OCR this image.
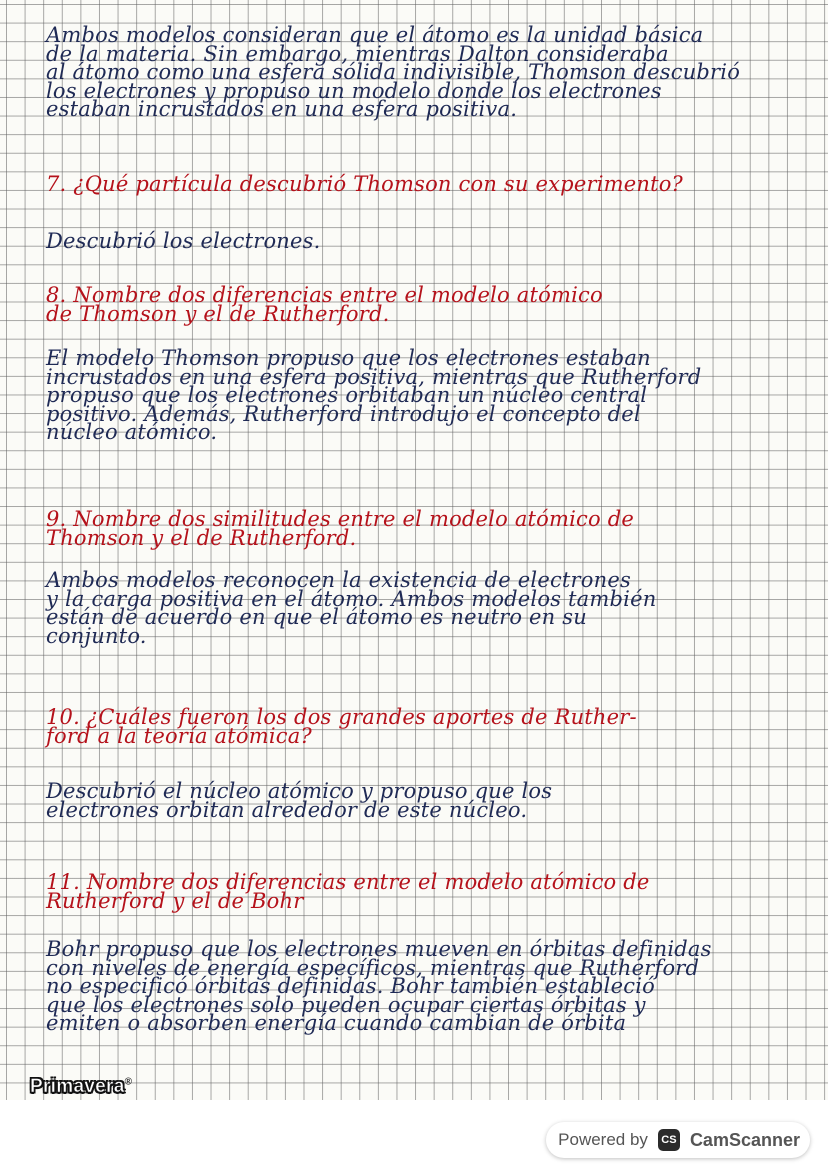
Ambos modelos consideran que el átomo es la unidad básica
de la materia. Sin embargo, mientras Dalton consideraba
al átomo como una esfera sólida indivisible, Thomson descubrió
los electrones y propuso un modelo donde los electrones
estaban incrustados en una esfera positiva.

7. ¿Qué partícula descubrió Thomson con su experimento?

Descubrió los electrones.

8. Nombre dos diferencias entre el modelo atómico
de Thomson y el de Rutherford.

El modelo Thomson propuso que los electrones estaban
incrustados en una esfera positiva, mientras que Rutherford
propuso que los electrones orbitaban un núcleo central
positivo. Además, Rutherford introdujo el concepto del
núcleo atómico.

9. Nombre dos similitudes entre el modelo atómico de
Thomson y el de Rutherford.

Ambos modelos reconocen la existencia de electrones
y la carga positiva en el átomo. Ambos modelos también
están de acuerdo en que el átomo es neutro en su
conjunto.

10. ¿Cuáles fueron los dos grandes aportes de Ruther-
ford a la teoría atómica?

Descubrió el núcleo atómico y propuso que los
electrones orbitan alrededor de este núcleo.

11. Nombre dos diferencias entre el modelo atómico de
Rutherford y el de Bohr

Bohr propuso que los electrones mueven en órbitas definidas
con niveles de energía específicos, mientras que Rutherford
no especificó órbitas definidas. Bohr también estableció
que los electrones solo pueden ocupar ciertas órbitas y
emiten o absorben energía cuando cambian de órbita

Primavera®
Powered by	CS CamScanner
